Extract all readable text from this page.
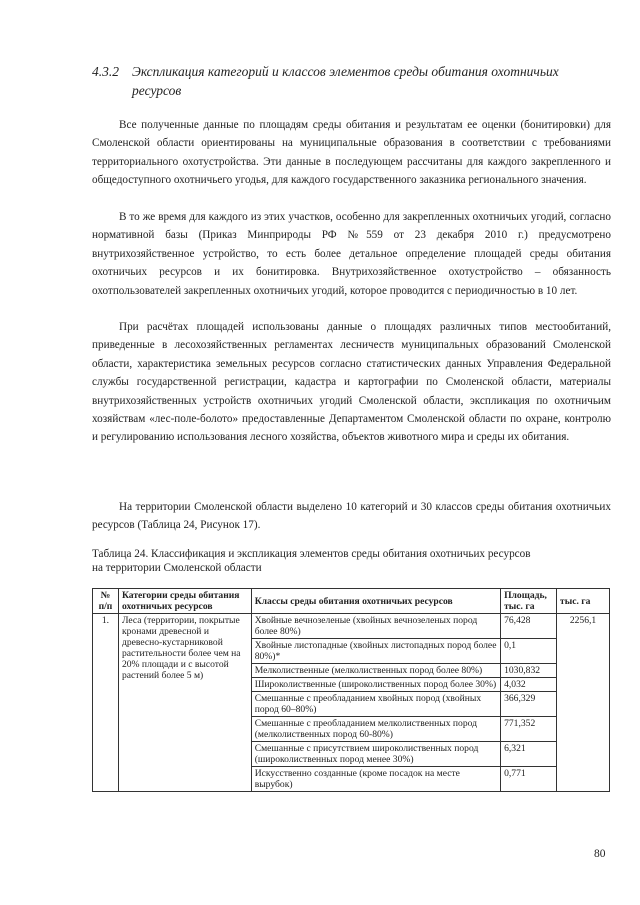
4.3.2 Экспликация категорий и классов элементов среды обитания охотничьих
ресурсов

Все полученные данные по площадям среды обитания и результатам ее оценки (бонитировки) для Смоленской области ориентированы на муниципальные образования в соответствии с требованиями территориального охотустройства. Эти данные в последующем рассчитаны для каждого закрепленного и общедоступного охотничьего угодья, для каждого государственного заказника регионального значения.

В то же время для каждого из этих участков, особенно для закрепленных охотничьих угодий, согласно нормативной базы (Приказ Минприроды РФ №559 от 23 декабря 2010 г.) предусмотрено внутрихозяйственное устройство, то есть более детальное определение площадей среды обитания охотничьих ресурсов и их бонитировка. Внутрихозяйственное охотустройство – обязанность охотпользователей закрепленных охотничьих угодий, которое проводится с периодичностью в 10 лет.

При расчётах площадей использованы данные о площадях различных типов местообитаний, приведенные в лесохозяйственных регламентах лесничеств муниципальных образований Смоленской области, характеристика земельных ресурсов согласно статистических данных Управления Федеральной службы государственной регистрации, кадастра и картографии по Смоленской области, материалы внутрихозяйственных устройств охотничьих угодий Смоленской области, экспликация по охотничьим хозяйствам «лес-поле-болото» предоставленные Департаментом Смоленской области по охране, контролю и регулированию использования лесного хозяйства, объектов животного мира и среды их обитания.

На территории Смоленской области выделено 10 категорий и 30 классов среды обитания охотничьих ресурсов (Таблица 24, Рисунок 17).

Таблица 24. Классификация и экспликация элементов среды обитания охотничьих ресурсов
на территории Смоленской области
№ п/п	Категории среды обитания охотничьих ресурсов	Классы среды обитания охотничьих ресурсов	Площадь, тыс. га	тыс. га
1.	Леса (территории, покрытые кронами древесной и древесно-кустарниковой растительности более чем на 20% площади и с высотой растений более 5 м)	Хвойные вечнозеленые (хвойных вечнозеленых пород более 80%)	76,428	2256,1
		Хвойные листопадные (хвойных листопадных пород более 80%)*	0,1	
		Мелколиственные (мелколиственных пород более 80%)	1030,832	
		Широколиственные (широколиственных пород более 30%)	4,032	
		Смешанные с преобладанием хвойных пород (хвойных пород 60–80%)	366,329	
		Смешанные с преобладанием мелколиственных пород (мелколиственных пород 60-80%)	771,352	
		Смешанные с присутствием широколиственных пород (широколиственных пород менее 30%)	6,321	
		Искусственно созданные (кроме посадок на месте вырубок)	0,771	
80
